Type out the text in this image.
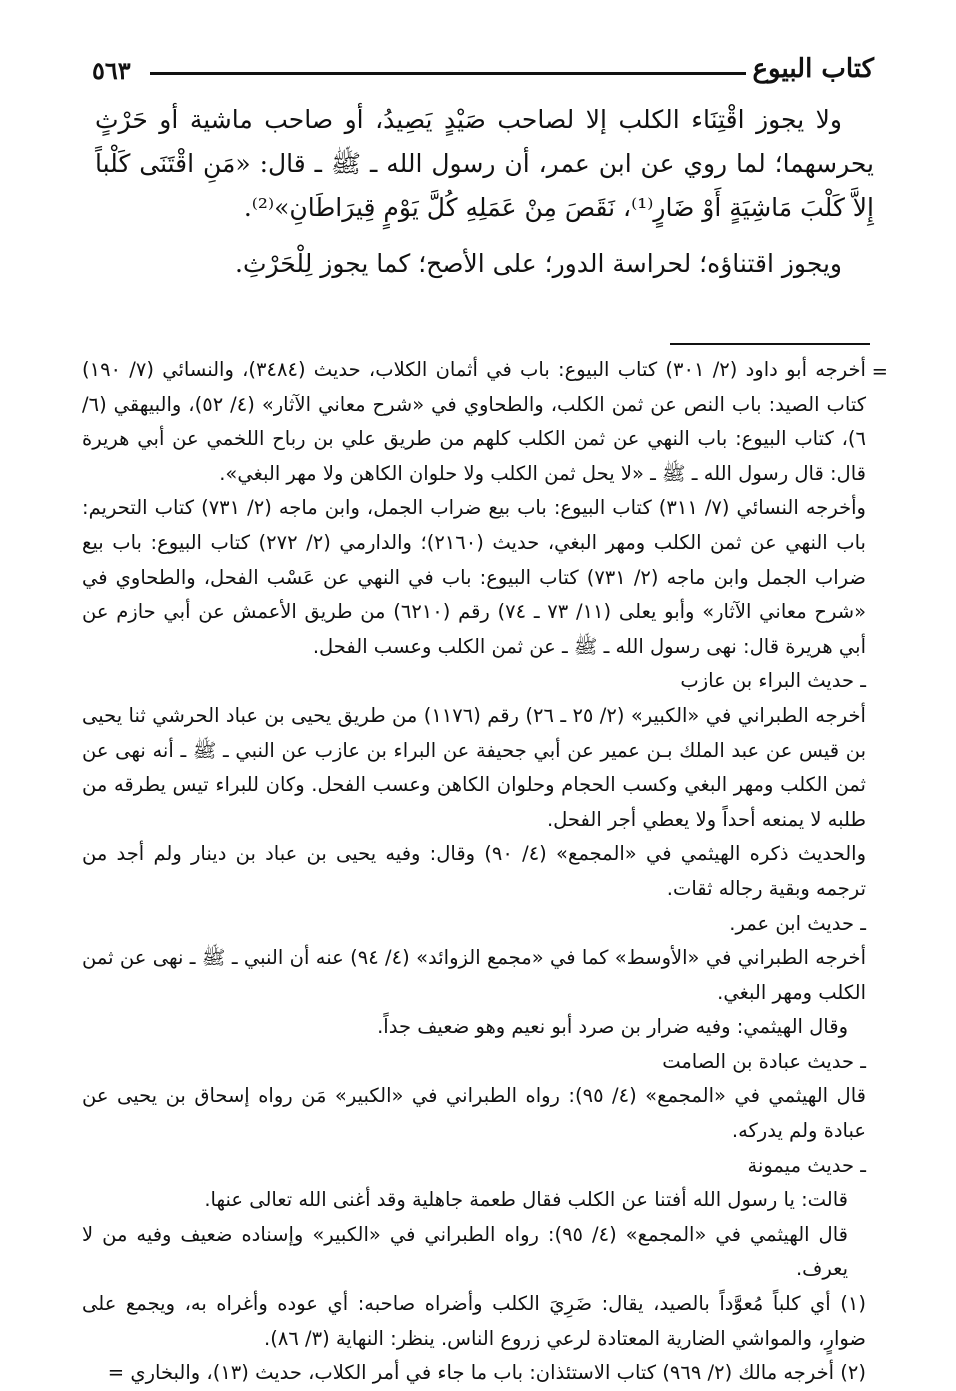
كتاب البيوع
٥٦٣

ولا يجوز اقْتِنَاء الكلب إلا لصاحب صَيْدٍ يَصِيدُ، أو صاحب ماشية أو حَرْثٍ يحرسهما؛ لما روي عن ابن عمر، أن رسول الله ـ ﷺ ـ قال: «مَنِ اقْتَنَى كَلْباً إِلاَّ كَلْبَ مَاشِيَةٍ أَوْ ضَارٍ⁽¹⁾، نَقَصَ مِنْ عَمَلِهِ كُلَّ يَوْمٍ قِيرَاطَانِ»⁽²⁾.

ويجوز اقتناؤه؛ لحراسة الدور؛ على الأصح؛ كما يجوز لِلْحَرْثِ.

=

أخرجه أبو داود (٢/ ٣٠١) كتاب البيوع: باب في أثمان الكلاب، حديث (٣٤٨٤)، والنسائي (٧/ ١٩٠) كتاب الصيد: باب النص عن ثمن الكلب، والطحاوي في «شرح معاني الآثار» (٤/ ٥٢)، والبيهقي (٦/ ٦)، كتاب البيوع: باب النهي عن ثمن الكلب كلهم من طريق علي بن رباح اللخمي عن أبي هريرة قال: قال رسول الله ـ ﷺ ـ «لا يحل ثمن الكلب ولا حلوان الكاهن ولا مهر البغي».

وأخرجه النسائي (٧/ ٣١١) كتاب البيوع: باب بيع ضراب الجمل، وابن ماجه (٢/ ٧٣١) كتاب التحريم: باب النهي عن ثمن الكلب ومهر البغي، حديث (٢١٦٠)؛ والدارمي (٢/ ٢٧٢) كتاب البيوع: باب بيع ضراب الجمل وابن ماجه (٢/ ٧٣١) كتاب البيوع: باب في النهي عن عَسْب الفحل، والطحاوي في «شرح معاني الآثار» وأبو يعلى (١١/ ٧٣ ـ ٧٤) رقم (٦٢١٠) من طريق الأعمش عن أبي حازم عن أبي هريرة قال: نهى رسول الله ـ ﷺ ـ عن ثمن الكلب وعسب الفحل.

ـ حديث البراء بن عازب

أخرجه الطبراني في «الكبير» (٢/ ٢٥ ـ ٢٦) رقم (١١٧٦) من طريق يحيى بن عباد الحرشي ثنا يحيى بن قيس عن عبد الملك بـن عمير عن أبي جحيفة عن البراء بن عازب عن النبي ـ ﷺ ـ أنه نهى عن ثمن الكلب ومهر البغي وكسب الحجام وحلوان الكاهن وعسب الفحل. وكان للبراء تيس يطرقه من طلبه لا يمنعه أحداً ولا يعطي أجر الفحل.

والحديث ذكره الهيثمي في «المجمع» (٤/ ٩٠) وقال: وفيه يحيى بن عباد بن دينار ولم أجد من ترجمه وبقية رجاله ثقات.

ـ حديث ابن عمر.

أخرجه الطبراني في «الأوسط» كما في «مجمع الزوائد» (٤/ ٩٤) عنه أن النبي ـ ﷺ ـ نهى عن ثمن الكلب ومهر البغي.

وقال الهيثمي: وفيه ضرار بن صرد أبو نعيم وهو ضعيف جداً.

ـ حديث عبادة بن الصامت

قال الهيثمي في «المجمع» (٤/ ٩٥): رواه الطبراني في «الكبير» مَن رواه إسحاق بن يحيى عن عبادة ولم يدركه.

ـ حديث ميمونة

قالت: يا رسول الله أفتنا عن الكلب فقال طعمة جاهلية وقد أغنى الله تعالى عنها.

قال الهيثمي في «المجمع» (٤/ ٩٥): رواه الطبراني في «الكبير» وإسناده ضعيف وفيه من لا يعرف.

(١) أي كلباً مُعوَّداً بالصيد، يقال: ضَرِيَ الكلب وأضراه صاحبه: أي عوده وأغراه به، ويجمع على ضوارٍ، والمواشي الضارية المعتادة لرعي زروع الناس. ينظر: النهاية (٣/ ٨٦).

(٢) أخرجه مالك (٢/ ٩٦٩) كتاب الاستئذان: باب ما جاء في أمر الكلاب، حديث (١٣)، والبخاري =
